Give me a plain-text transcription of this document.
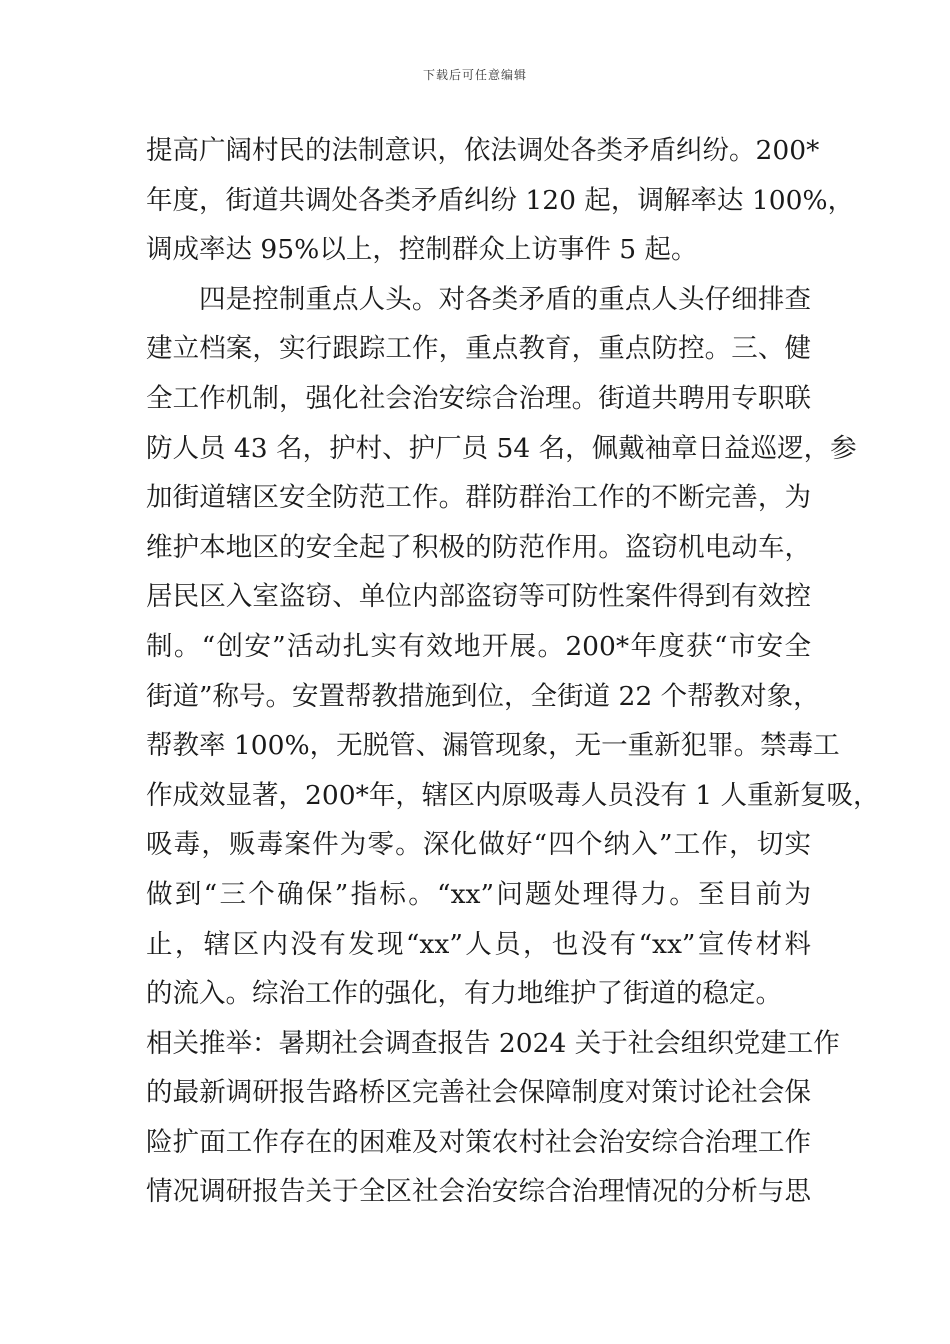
下载后可任意编辑
提高广阔村民的法制意识，依法调处各类矛盾纠纷。200*
年度，街道共调处各类矛盾纠纷 120 起，调解率达 100%，
调成率达 95%以上，控制群众上访事件 5 起。
四是控制重点人头。对各类矛盾的重点人头仔细排查
建立档案，实行跟踪工作，重点教育，重点防控。三、健
全工作机制，强化社会治安综合治理。街道共聘用专职联
防人员 43 名，护村、护厂员 54 名，佩戴袖章日益巡逻，参
加街道辖区安全防范工作。群防群治工作的不断完善，为
维护本地区的安全起了积极的防范作用。盗窃机电动车，
居民区入室盗窃、单位内部盗窃等可防性案件得到有效控
制。“创安”活动扎实有效地开展。200*年度获“市安全
街道”称号。安置帮教措施到位，全街道 22 个帮教对象，
帮教率 100%，无脱管、漏管现象，无一重新犯罪。禁毒工
作成效显著，200*年，辖区内原吸毒人员没有 1 人重新复吸，
吸毒，贩毒案件为零。深化做好“四个纳入”工作，切实
做到“三个确保”指标。“xx”问题处理得力。至目前为
止，辖区内没有发现“xx”人员，也没有“xx”宣传材料
的流入。综治工作的强化，有力地维护了街道的稳定。
相关推举：暑期社会调查报告 2024 关于社会组织党建工作
的最新调研报告路桥区完善社会保障制度对策讨论社会保
险扩面工作存在的困难及对策农村社会治安综合治理工作
情况调研报告关于全区社会治安综合治理情况的分析与思
